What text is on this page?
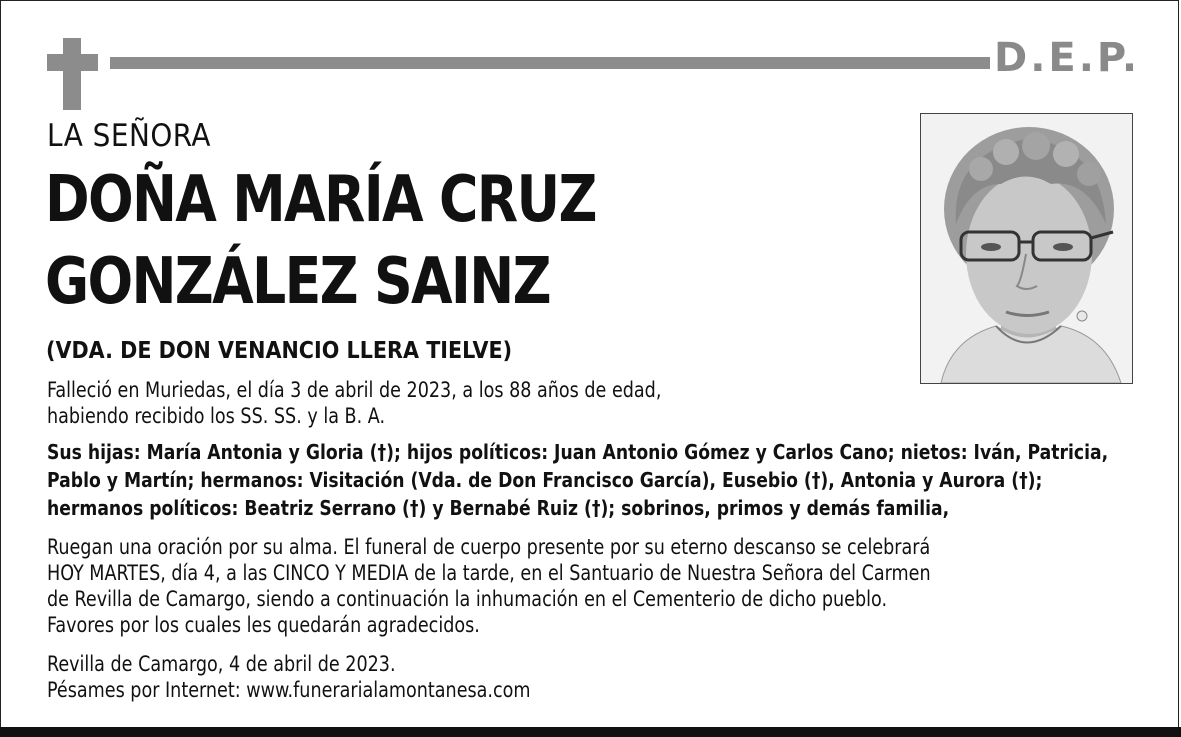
D.E.P.
LA SEÑORA
DOÑA MARÍA CRUZ
GONZÁLEZ SAINZ
(VDA. DE DON VENANCIO LLERA TIELVE)
Falleció en Muriedas, el día 3 de abril de 2023, a los 88 años de edad,
habiendo recibido los SS. SS. y la B. A.
Sus hijas: María Antonia y Gloria (†); hijos políticos: Juan Antonio Gómez y Carlos Cano; nietos: Iván, Patricia,
Pablo y Martín; hermanos: Visitación (Vda. de Don Francisco García), Eusebio (†), Antonia y Aurora (†);
hermanos políticos: Beatriz Serrano (†) y Bernabé Ruiz (†); sobrinos, primos y demás familia,
Ruegan una oración por su alma. El funeral de cuerpo presente por su eterno descanso se celebrará
HOY MARTES, día 4, a las CINCO Y MEDIA de la tarde, en el Santuario de Nuestra Señora del Carmen
de Revilla de Camargo, siendo a continuación la inhumación en el Cementerio de dicho pueblo.
Favores por los cuales les quedarán agradecidos.
Revilla de Camargo, 4 de abril de 2023.
Pésames por Internet: www.funerarialamontanesa.com
